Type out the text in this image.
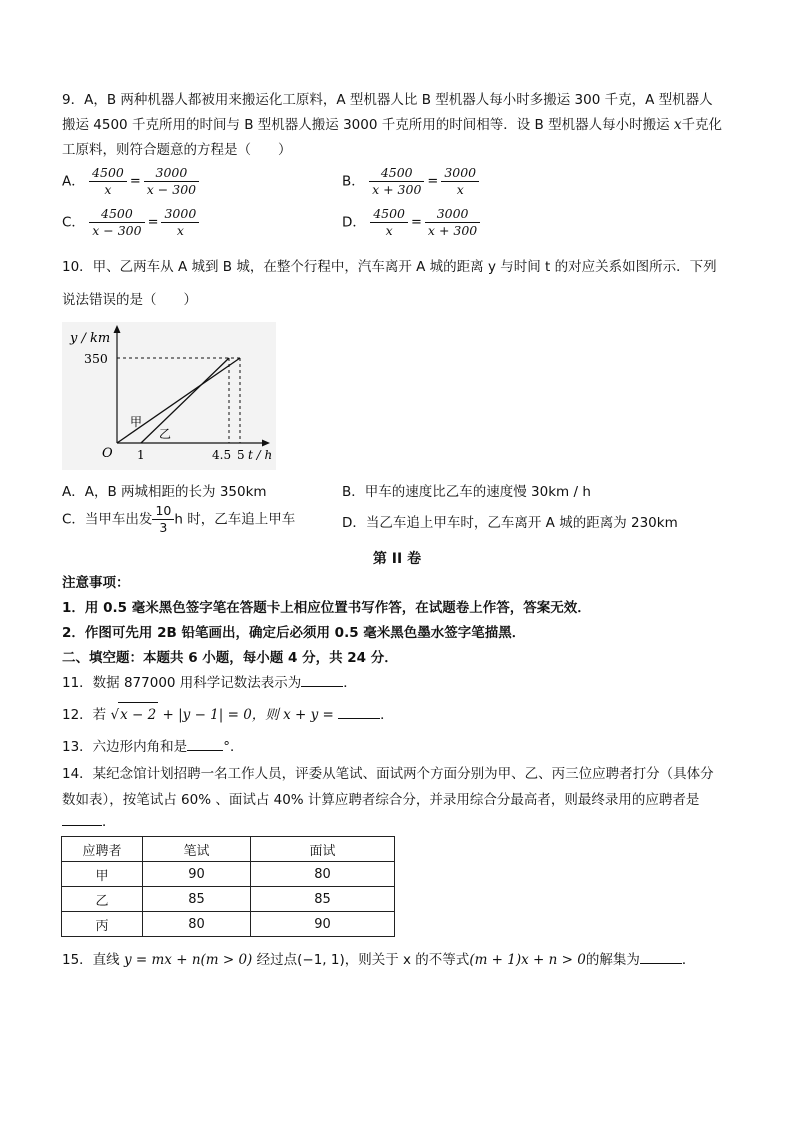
9．A，B 两种机器人都被用来搬运化工原料，A 型机器人比 B 型机器人每小时多搬运 300 千克，A 型机器人
搬运 4500 千克所用的时间与 B 型机器人搬运 3000 千克所用的时间相等．设 B 型机器人每小时搬运 x千克化
工原料，则符合题意的方程是（　　）
A． $\frac{4500}{x} = \frac{3000}{x - 300}$	B． $\frac{4500}{x + 300} = \frac{3000}{x}$
C． $\frac{4500}{x - 300} = \frac{3000}{x}$	D． $\frac{4500}{x} = \frac{3000}{x + 300}$
10．甲、乙两车从 A 城到 B 城，在整个行程中，汽车离开 A 城的距离 y 与时间 t 的对应关系如图所示．下列
说法错误的是（　　）
y / km
350
O 1	4.5 5 t / h
甲
乙
A．A，B 两城相距的长为 350km	B．甲车的速度比乙车的速度慢 30km / h
C．当甲车出发 $\frac{10}{3}$ h 时，乙车追上甲车	D．当乙车追上甲车时，乙车离开 A 城的距离为 230km
第 II 卷
注意事项：
1．用 0.5 毫米黑色签字笔在答题卡上相应位置书写作答，在试题卷上作答，答案无效．
2．作图可先用 2B 铅笔画出，确定后必须用 0.5 毫米黑色墨水签字笔描黑．
二、填空题：本题共 6 小题，每小题 4 分，共 24 分．
11．数据 877000 用科学记数法表示为	．
12．若 √x − 2 + |y − 1| = 0，则 x + y =	．
13．六边形内角和是	°．
14．某纪念馆计划招聘一名工作人员，评委从笔试、面试两个方面分别为甲、乙、丙三位应聘者打分（具体分
数如表），按笔试占 60% 、面试占 40% 计算应聘者综合分，并录用综合分最高者，则最终录用的应聘者是
．
应聘者	笔试	面试
甲	90	80
乙	85	85
丙	80	90
15．直线 y = mx + n(m > 0) 经过点(−1, 1)，则关于 x 的不等式(m + 1)x + n > 0的解集为	．
